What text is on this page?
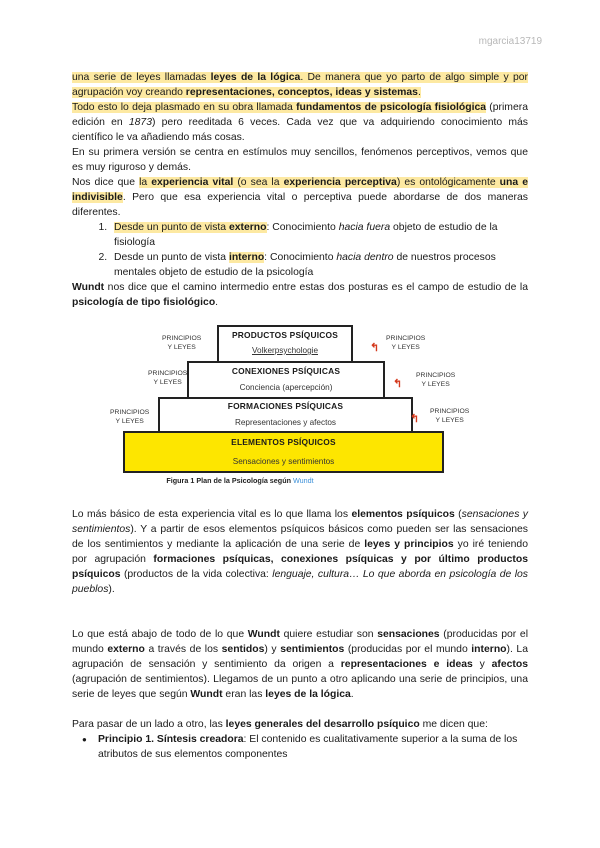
mgarcia13719

una serie de leyes llamadas leyes de la lógica. De manera que yo parto de algo simple y por agrupación voy creando representaciones, conceptos, ideas y sistemas.

Todo esto lo deja plasmado en su obra llamada fundamentos de psicología fisiológica (primera edición en 1873) pero reeditada 6 veces. Cada vez que va adquiriendo conocimiento más científico le va añadiendo más cosas.

En su primera versión se centra en estímulos muy sencillos, fenómenos perceptivos, vemos que es muy riguroso y demás.

Nos dice que la experiencia vital (o sea la experiencia perceptiva) es ontológicamente una e indivisible. Pero que esa experiencia vital o perceptiva puede abordarse de dos maneras diferentes.

1. Desde un punto de vista externo: Conocimiento hacia fuera objeto de estudio de la fisiología
2. Desde un punto de vista interno: Conocimiento hacia dentro de nuestros procesos mentales objeto de estudio de la psicología

Wundt nos dice que el camino intermedio entre estas dos posturas es el campo de estudio de la psicología de tipo fisiológico.

Lo más básico de esta experiencia vital es lo que llama los elementos psíquicos (sensaciones y sentimientos). Y a partir de esos elementos psíquicos básicos como pueden ser las sensaciones de los sentimientos y mediante la aplicación de una serie de leyes y principios yo iré teniendo por agrupación formaciones psíquicas, conexiones psíquicas y por último productos psíquicos (productos de la vida colectiva: lenguaje, cultura… Lo que aborda en psicología de los pueblos).

Lo que está abajo de todo de lo que Wundt quiere estudiar son sensaciones (producidas por el mundo externo a través de los sentidos) y sentimientos (producidas por el mundo interno). La agrupación de sensación y sentimiento da origen a representaciones e ideas y afectos (agrupación de sentimientos). Llegamos de un punto a otro aplicando una serie de principios, una serie de leyes que según Wundt eran las leyes de la lógica.

Para pasar de un lado a otro, las leyes generales del desarrollo psíquico me dicen que:

● Principio 1. Síntesis creadora: El contenido es cualitativamente superior a la suma de los atributos de sus elementos componentes
PRODUCTOS PSÍQUICOS
Volkerpsychologie
CONEXIONES PSÍQUICAS
Conciencia (apercepción)
FORMACIONES PSÍQUICAS
Representaciones y afectos
ELEMENTOS PSÍQUICOS
Sensaciones y sentimientos
PRINCIPIOS
Y LEYES
PRINCIPIOS
Y LEYES
PRINCIPIOS
Y LEYES
PRINCIPIOS
Y LEYES
PRINCIPIOS
Y LEYES
PRINCIPIOS
Y LEYES
↰
↰
↰
Figura 1 Plan de la Psicología según Wundt
